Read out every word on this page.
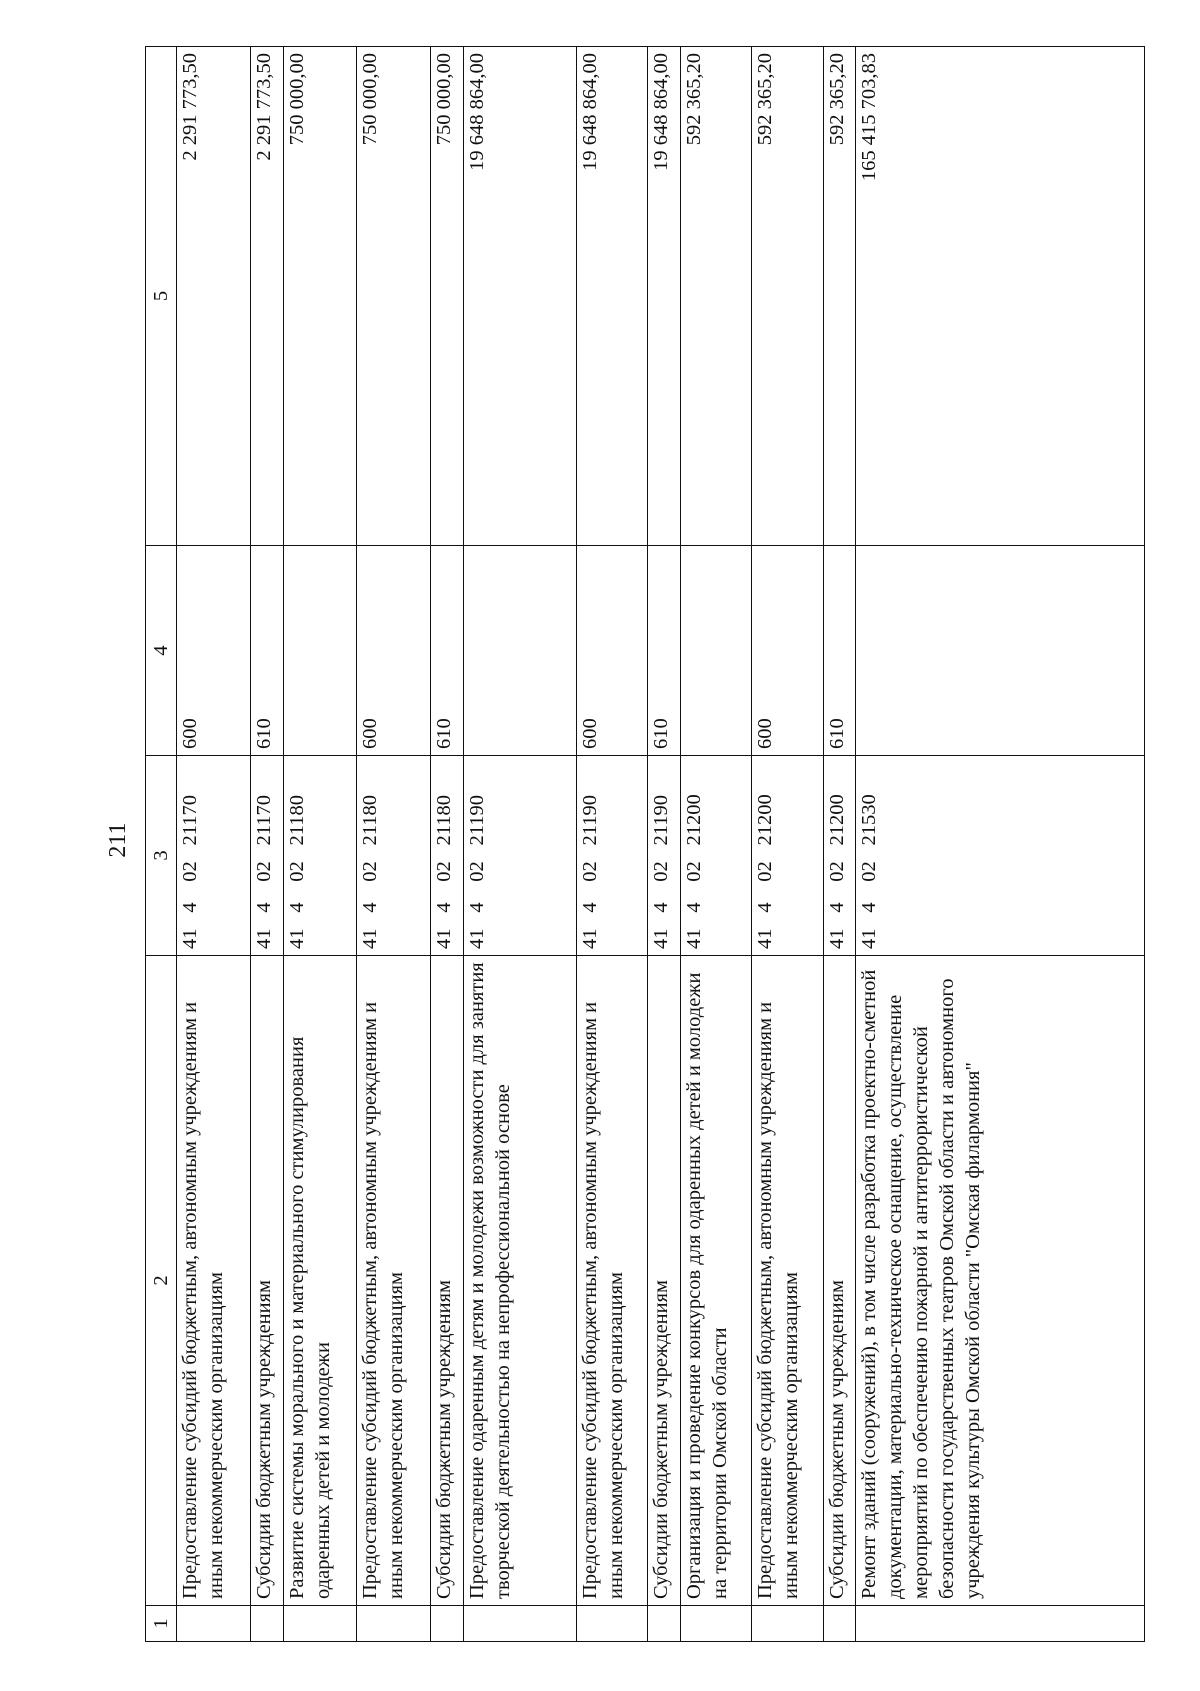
211
1	2	3				4	5
	Предоставление субсидий бюджетным, автономным учреждениям и иным некоммерческим организациям	41	4	02	21170	600	2 291 773,50
	Субсидии бюджетным учреждениям	41	4	02	21170	610	2 291 773,50
	Развитие системы морального и материального стимулирования одаренных детей и молодежи	41	4	02	21180		750 000,00
	Предоставление субсидий бюджетным, автономным учреждениям и иным некоммерческим организациям	41	4	02	21180	600	750 000,00
	Субсидии бюджетным учреждениям	41	4	02	21180	610	750 000,00
	Предоставление одаренным детям и молодежи возможности для занятия творческой деятельностью на непрофессиональной основе	41	4	02	21190		19 648 864,00
	Предоставление субсидий бюджетным, автономным учреждениям и иным некоммерческим организациям	41	4	02	21190	600	19 648 864,00
	Субсидии бюджетным учреждениям	41	4	02	21190	610	19 648 864,00
	Организация и проведение конкурсов для одаренных детей и молодежи на территории Омской области	41	4	02	21200		592 365,20
	Предоставление субсидий бюджетным, автономным учреждениям и иным некоммерческим организациям	41	4	02	21200	600	592 365,20
	Субсидии бюджетным учреждениям	41	4	02	21200	610	592 365,20
	Ремонт зданий (сооружений), в том числе разработка проектно-сметной документации, материально-техническое оснащение, осуществление мероприятий по обеспечению пожарной и антитеррористической безопасности государственных театров Омской области и автономного учреждения культуры Омской области "Омская филармония"	41	4	02	21530		165 415 703,83
